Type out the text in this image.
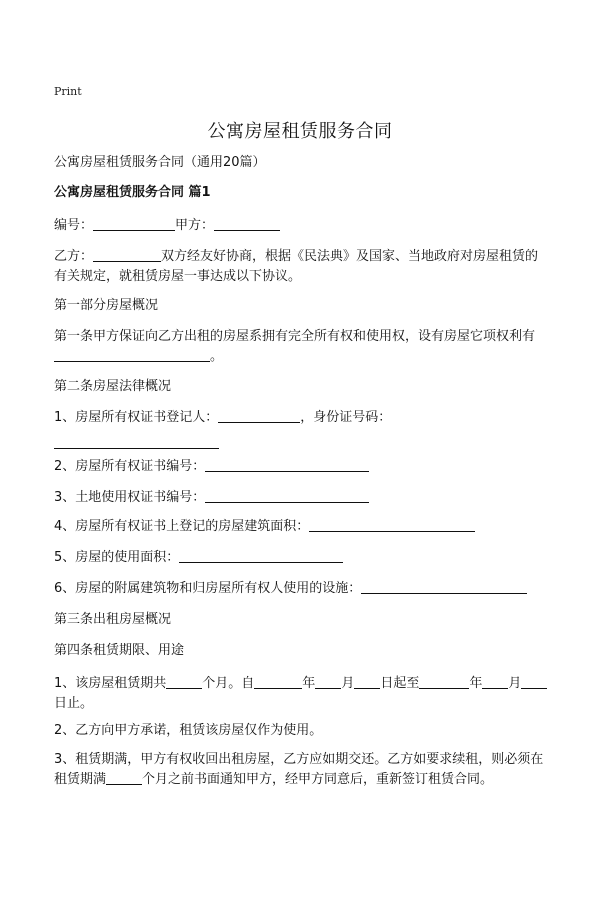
Print
公寓房屋租赁服务合同
公寓房屋租赁服务合同（通用20篇）
公寓房屋租赁服务合同 篇1
编号：	甲方：
乙方：	双方经友好协商，根据《民法典》及国家、当地政府对房屋租赁的有关规定，就租赁房屋一事达成以下协议。
第一部分房屋概况
第一条甲方保证向乙方出租的房屋系拥有完全所有权和使用权，设有房屋它项权利有。
第二条房屋法律概况
1、房屋所有权证书登记人：	，身份证号码：
2、房屋所有权证书编号：
3、土地使用权证书编号：
4、房屋所有权证书上登记的房屋建筑面积：
5、房屋的使用面积：
6、房屋的附属建筑物和归房屋所有权人使用的设施：
第三条出租房屋概况
第四条租赁期限、用途
1、该房屋租赁期共	个月。自	年 月 日起至	年 月日止。
2、乙方向甲方承诺，租赁该房屋仅作为使用。
3、租赁期满，甲方有权收回出租房屋，乙方应如期交还。乙方如要求续租，则必须在租赁期满	个月之前书面通知甲方，经甲方同意后，重新签订租赁合同。
